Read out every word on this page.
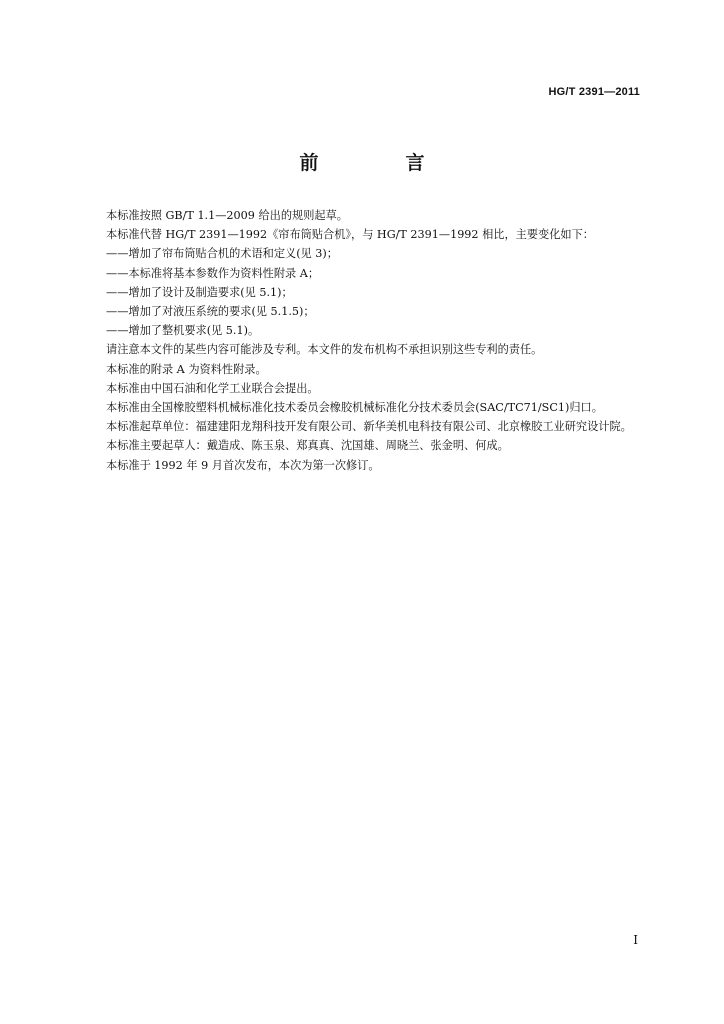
HG/T 2391—2011
前　言

本标准按照 GB/T 1.1—2009 给出的规则起草。

本标准代替 HG/T 2391—1992《帘布筒贴合机》，与 HG/T 2391—1992 相比，主要变化如下：

——增加了帘布筒贴合机的术语和定义(见 3)；

——本标准将基本参数作为资料性附录 A；

——增加了设计及制造要求(见 5.1)；

——增加了对液压系统的要求(见 5.1.5)；

——增加了整机要求(见 5.1)。

请注意本文件的某些内容可能涉及专利。本文件的发布机构不承担识别这些专利的责任。

本标准的附录 A 为资料性附录。

本标准由中国石油和化学工业联合会提出。

本标准由全国橡胶塑料机械标准化技术委员会橡胶机械标准化分技术委员会(SAC/TC71/SC1)归口。

本标准起草单位：福建建阳龙翔科技开发有限公司、新华美机电科技有限公司、北京橡胶工业研究设计院。

本标准主要起草人：戴造成、陈玉泉、郑真真、沈国雄、周晓兰、张金明、何成。

本标准于 1992 年 9 月首次发布，本次为第一次修订。

I
